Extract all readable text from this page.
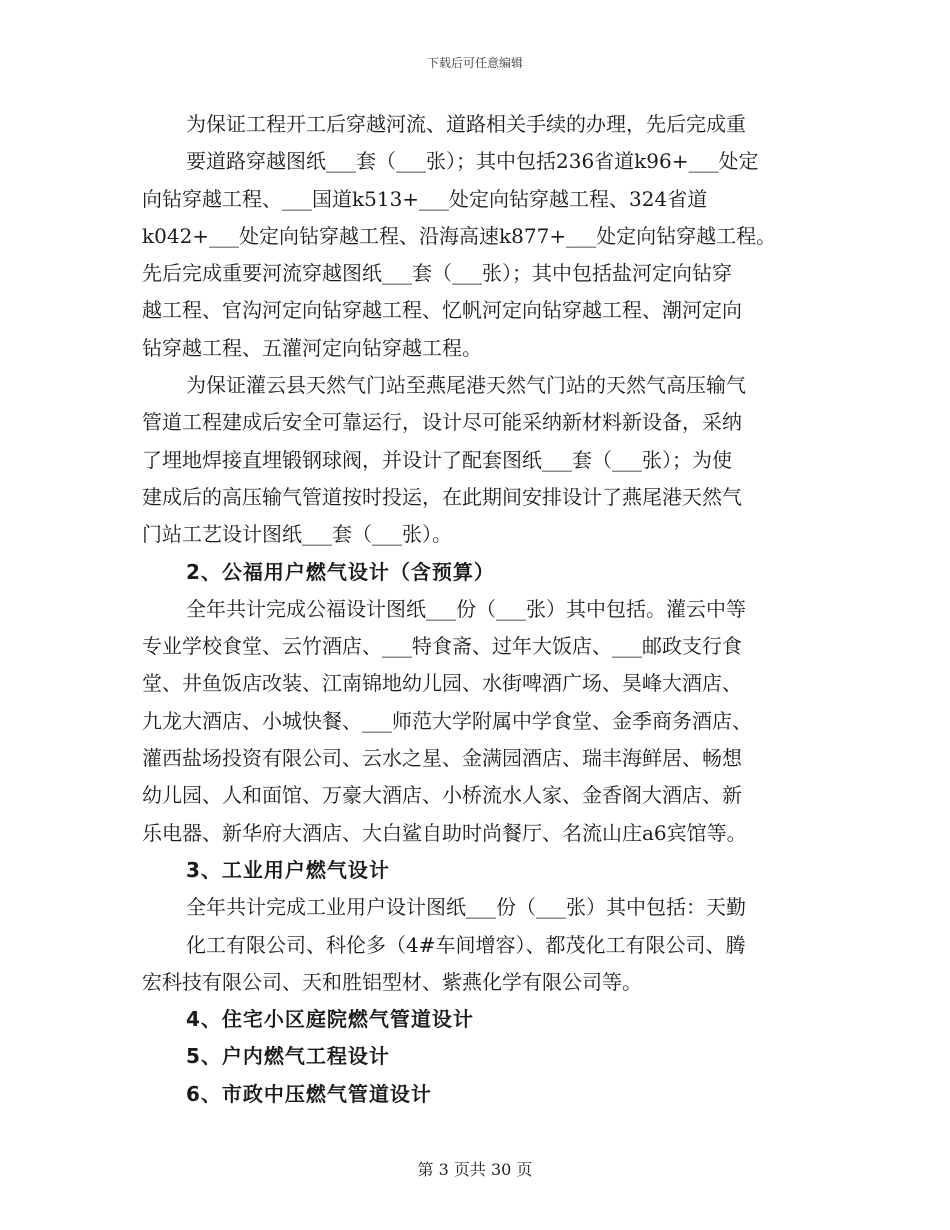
下载后可任意编辑
为保证工程开工后穿越河流、道路相关手续的办理，先后完成重
要道路穿越图纸___套（___张）；其中包括236省道k96+___处定
向钻穿越工程、___国道k513+___处定向钻穿越工程、324省道
k042+___处定向钻穿越工程、沿海高速k877+___处定向钻穿越工程。
先后完成重要河流穿越图纸___套（___张）；其中包括盐河定向钻穿
越工程、官沟河定向钻穿越工程、忆帆河定向钻穿越工程、潮河定向
钻穿越工程、五灌河定向钻穿越工程。
为保证灌云县天然气门站至燕尾港天然气门站的天然气高压输气
管道工程建成后安全可靠运行，设计尽可能采纳新材料新设备，采纳
了埋地焊接直埋锻钢球阀，并设计了配套图纸___套（___张）；为使
建成后的高压输气管道按时投运，在此期间安排设计了燕尾港天然气
门站工艺设计图纸___套（___张）。
2、公福用户燃气设计（含预算）
全年共计完成公福设计图纸___份（___张）其中包括。灌云中等
专业学校食堂、云竹酒店、___特食斋、过年大饭店、___邮政支行食
堂、井鱼饭店改装、江南锦地幼儿园、水街啤酒广场、昊峰大酒店、
九龙大酒店、小城快餐、___师范大学附属中学食堂、金季商务酒店、
灌西盐场投资有限公司、云水之星、金满园酒店、瑞丰海鲜居、畅想
幼儿园、人和面馆、万豪大酒店、小桥流水人家、金香阁大酒店、新
乐电器、新华府大酒店、大白鲨自助时尚餐厅、名流山庄a6宾馆等。
3、工业用户燃气设计
全年共计完成工业用户设计图纸___份（___张）其中包括：天勤
化工有限公司、科伦多（4#车间增容）、都茂化工有限公司、腾
宏科技有限公司、天和胜铝型材、紫燕化学有限公司等。
4、住宅小区庭院燃气管道设计
5、户内燃气工程设计
6、市政中压燃气管道设计
第 3 页共 30 页
